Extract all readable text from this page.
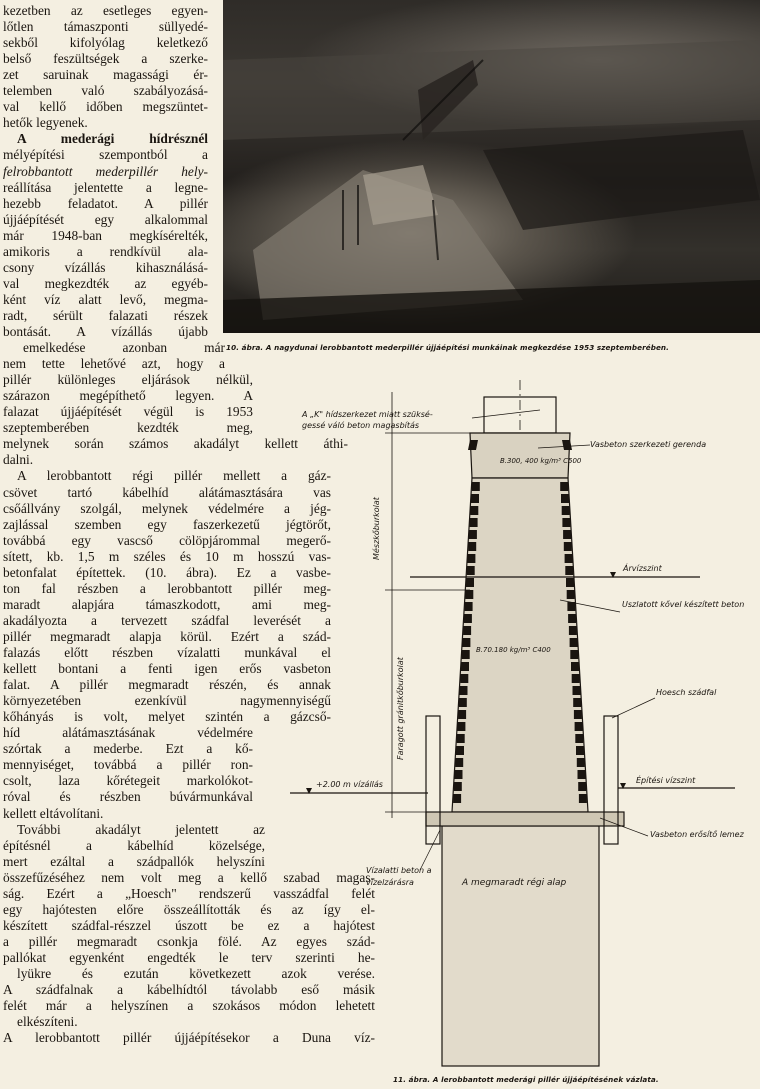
10. ábra. A nagydunai lerobbantott mederpillér újjáépítési munkáinak megkezdése 1953 szeptemberében.
kezetben az esetleges egyen-
lőtlen támaszponti süllyedé-
sekből kifolyólag keletkező
belső feszültségek a szerke-
zet saruinak magassági ér-
telemben való szabályozásá-
val kellő időben megszüntet-
hetők legyenek.
A mederági hídrésznél
mélyépítési szempontból a
felrobbantott mederpillér hely-
reállítása jelentette a legne-
hezebb feladatot. A pillér
újjáépítését egy alkalommal
már 1948-ban megkísérelték,
amikoris a rendkívül ala-
csony vízállás kihasználásá-
val megkezdték az egyéb-
ként víz alatt levő, megma-
radt, sérült falazati részek
bontását. A vízállás újabb
emelkedése azonban már
nem tette lehetővé azt, hogy a
pillér különleges eljárások nélkül,
szárazon megépíthető legyen. A
falazat újjáépítését végül is 1953
szeptemberében kezdték meg,
melynek során számos akadályt kellett áthi-
dalni.
A lerobbantott régi pillér mellett a gáz-
csövet tartó kábelhíd alátámasztására vas
csőállvány szolgál, melynek védelmére a jég-
zajlással szemben egy faszerkezetű jégtörőt,
továbbá egy vascső cölöpjárommal megerő-
sített, kb. 1,5 m széles és 10 m hosszú vas-
betonfalat építettek. (10. ábra). Ez a vasbe-
ton fal részben a lerobbantott pillér meg-
maradt alapjára támaszkodott, ami meg-
akadályozta a tervezett szádfal leverését a
pillér megmaradt alapja körül. Ezért a szád-
falazás előtt részben vízalatti munkával el
kellett bontani a fenti igen erős vasbeton
falat. A pillér megmaradt részén, és annak
környezetében ezenkívül nagymennyiségű
kőhányás is volt, melyet szintén a gázcső-
híd alátámasztásának védelmére
szórtak a mederbe. Ezt a kő-
mennyiséget, továbbá a pillér ron-
csolt, laza kőrétegeit markolókot-
róval és részben búvármunkával
kellett eltávolítani.
További akadályt jelentett az
építésnél a kábelhíd közelsége,
mert ezáltal a szádpallók helyszíni
összefűzéséhez nem volt meg a kellő szabad magas-
ság. Ezért a „Hoesch" rendszerű vasszádfal felét
egy hajótesten előre összeállították és az így el-
készített szádfal-részzel úszott be ez a hajótest
a pillér megmaradt csonkja fölé. Az egyes szád-
pallókat egyenként engedték le terv szerinti he-
lyükre és ezután következett azok verése.
A szádfalnak a kábelhídtól távolabb eső másik
felét már a helyszínen a szokásos módon lehetett
elkészíteni.
A lerobbantott pillér újjáépítésekor a Duna víz-
A „K" hídszerkezet miatt szüksé-
gessé váló beton magasbítás
Vasbeton szerkezeti gerenda
B.300, 400 kg/m³ C500
Árvízszint
Uszlatott kővel készített beton
B.70.180 kg/m³ C400
Hoesch szádfal
+2.00 m vízállás	Építési vízszint
Vasbeton erősítő lemez
Vízalatti beton a
vízelzárásra	A megmaradt régi alap
Mészkőburkolat
Faragott gránitkőburkolat
11. ábra. A lerobbantott mederági pillér újjáépítésének vázlata.
